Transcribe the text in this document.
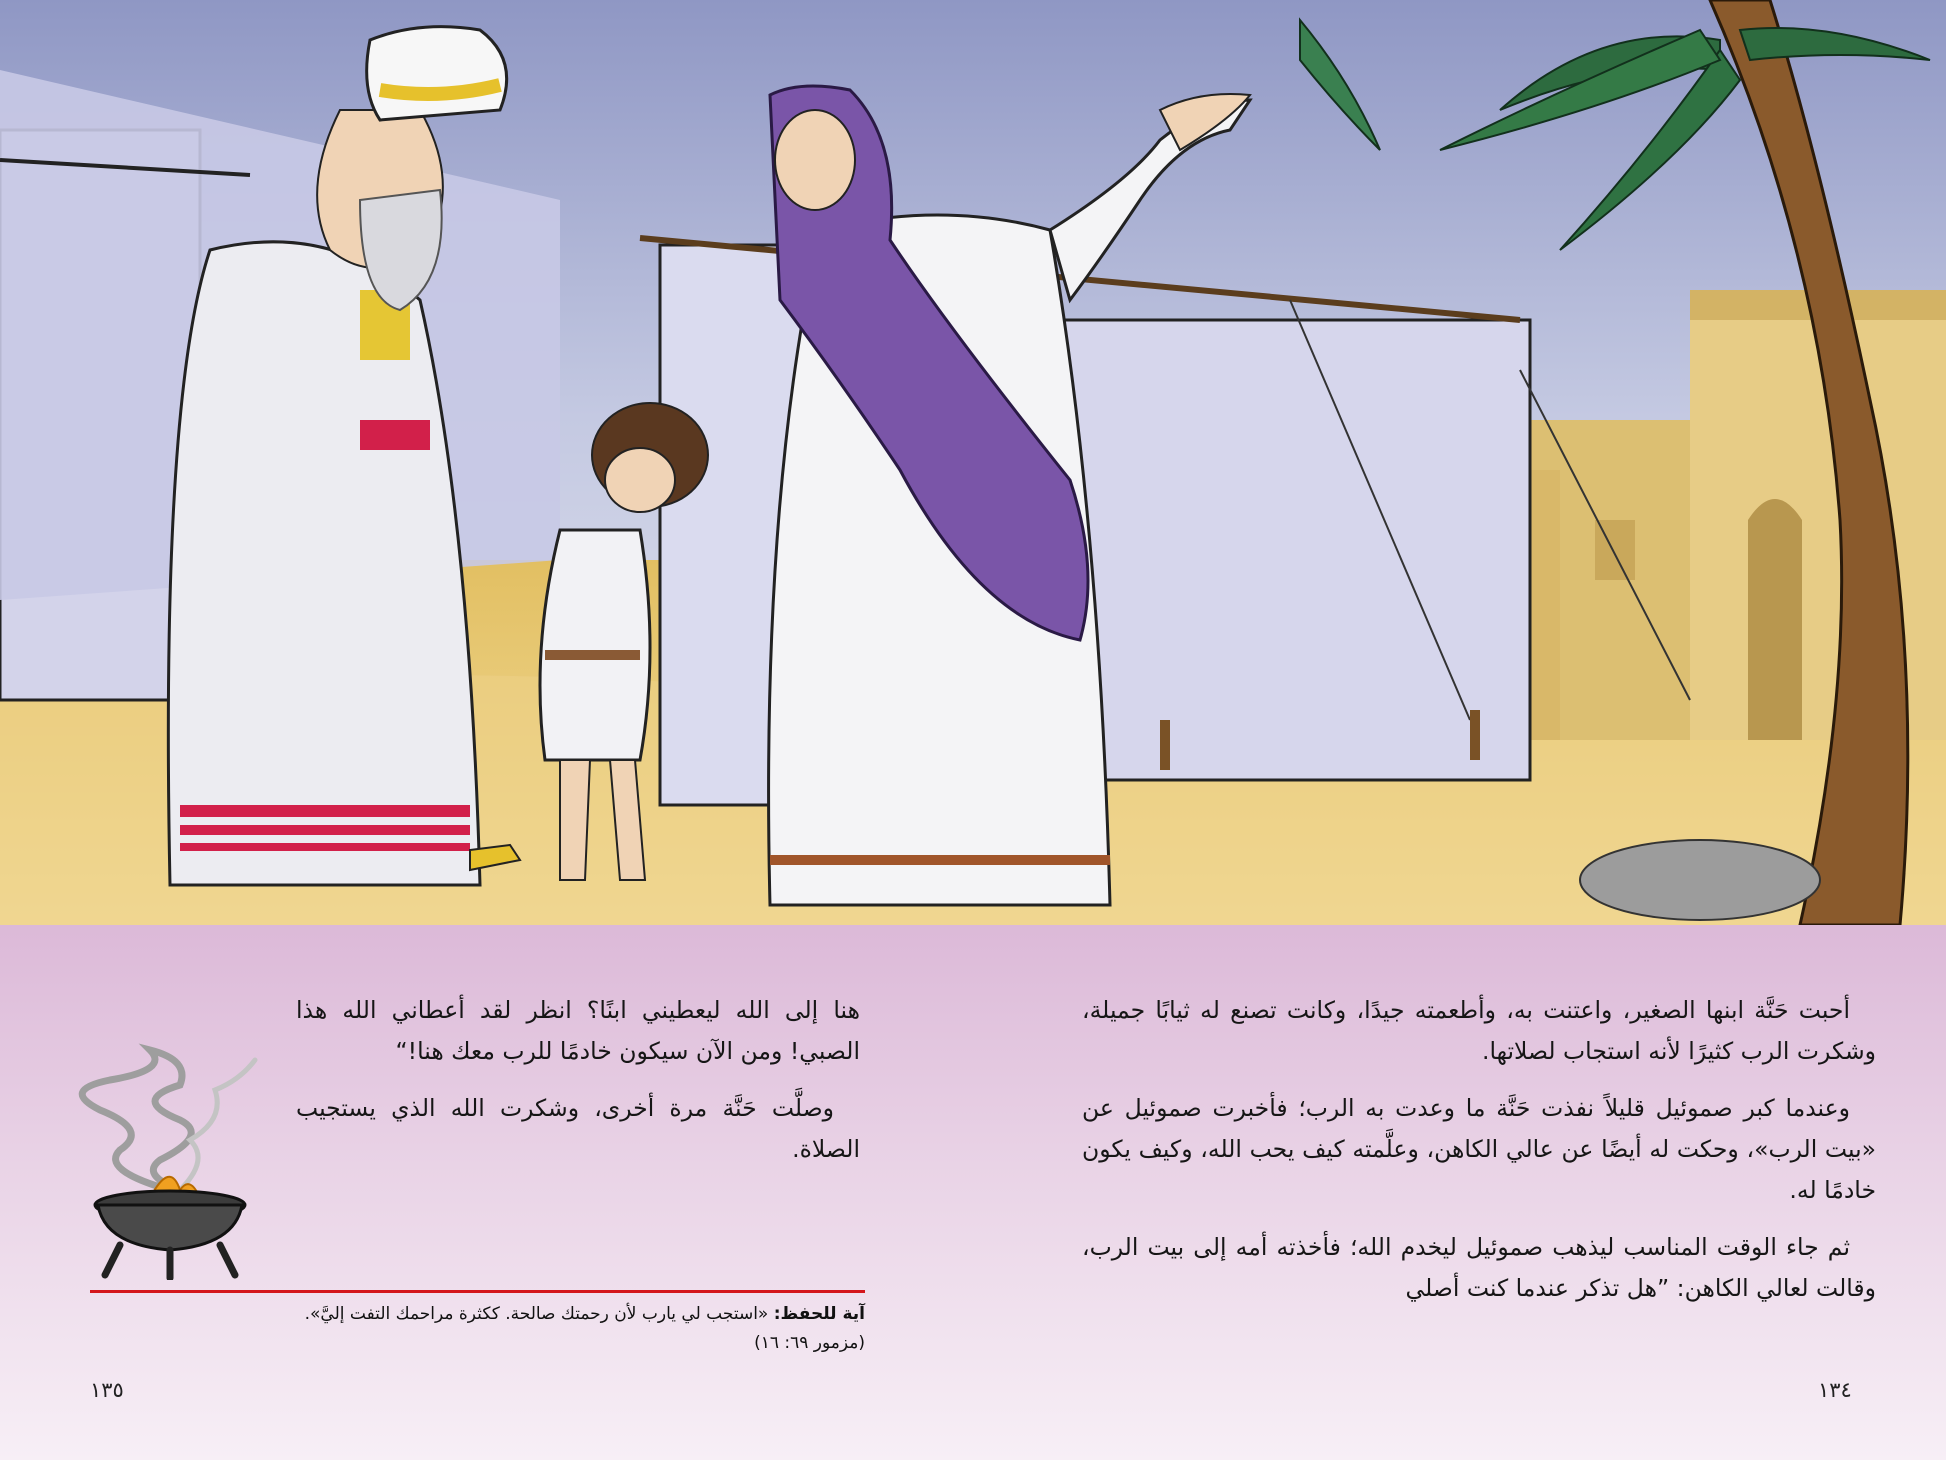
أحبت حَنَّة ابنها الصغير، واعتنت به، وأطعمته جيدًا، وكانت تصنع له ثيابًا جميلة، وشكرت الرب كثيرًا لأنه استجاب لصلاتها.

وعندما كبر صموئيل قليلاً نفذت حَنَّة ما وعدت به الرب؛ فأخبرت صموئيل عن «بيت الرب»، وحكت له أيضًا عن عالي الكاهن، وعلَّمته كيف يحب الله، وكيف يكون خادمًا له.

ثم جاء الوقت المناسب ليذهب صموئيل ليخدم الله؛ فأخذته أمه إلى بيت الرب، وقالت لعالي الكاهن: ”هل تذكر عندما كنت أصلي

هنا إلى الله ليعطيني ابنًا؟ انظر لقد أعطاني الله هذا الصبي! ومن الآن سيكون خادمًا للرب معك هنا!“

وصلَّت حَنَّة مرة أخرى، وشكرت الله الذي يستجيب الصلاة.

آية للحفظ: «استجب لي يارب لأن رحمتك صالحة. ككثرة مراحمك التفت إليَّ».
(مزمور ٦٩: ١٦)
١٣٥	١٣٤
